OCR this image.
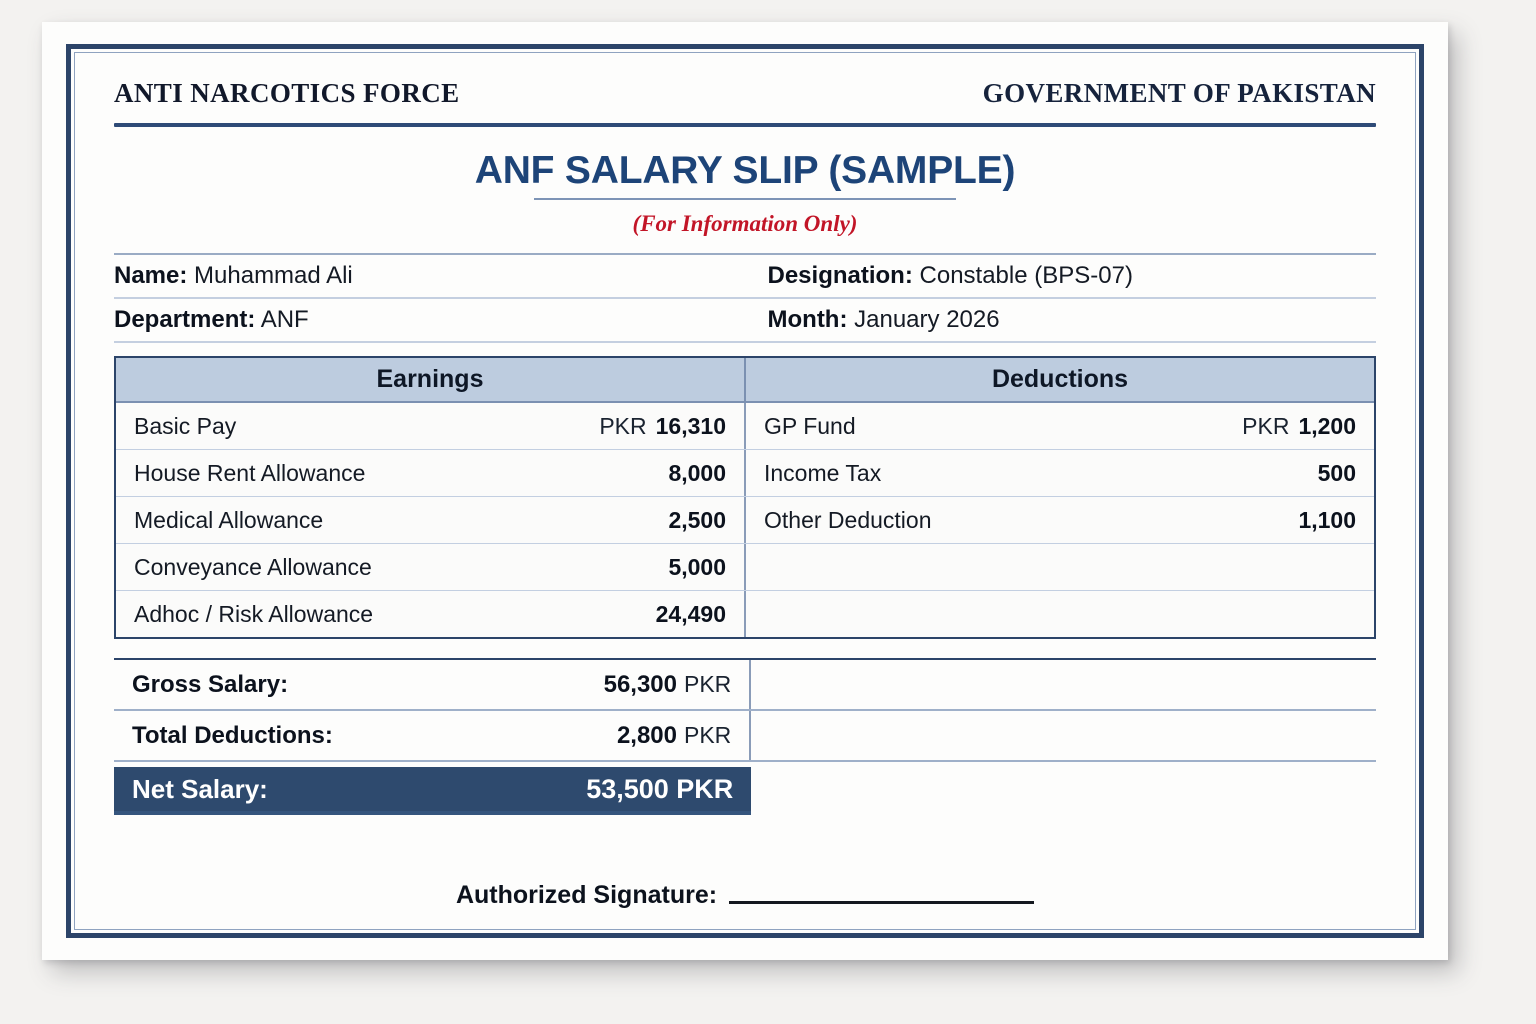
ANTI NARCOTICS FORCE	GOVERNMENT OF PAKISTAN
ANF SALARY SLIP (SAMPLE)
(For Information Only)
Name: Muhammad Ali	Designation: Constable (BPS-07)
Department: ANF	Month: January 2026
Earnings	Deductions
Basic Pay	PKR 16,310 GP Fund	PKR 1,200
House Rent Allowance	8,000 Income Tax	500
Medical Allowance	2,500 Other Deduction	1,100
Conveyance Allowance	5,000
Adhoc / Risk Allowance	24,490
Gross Salary:	56,300 PKR
Total Deductions:	2,800 PKR
Net Salary:	53,500 PKR
Authorized Signature:
